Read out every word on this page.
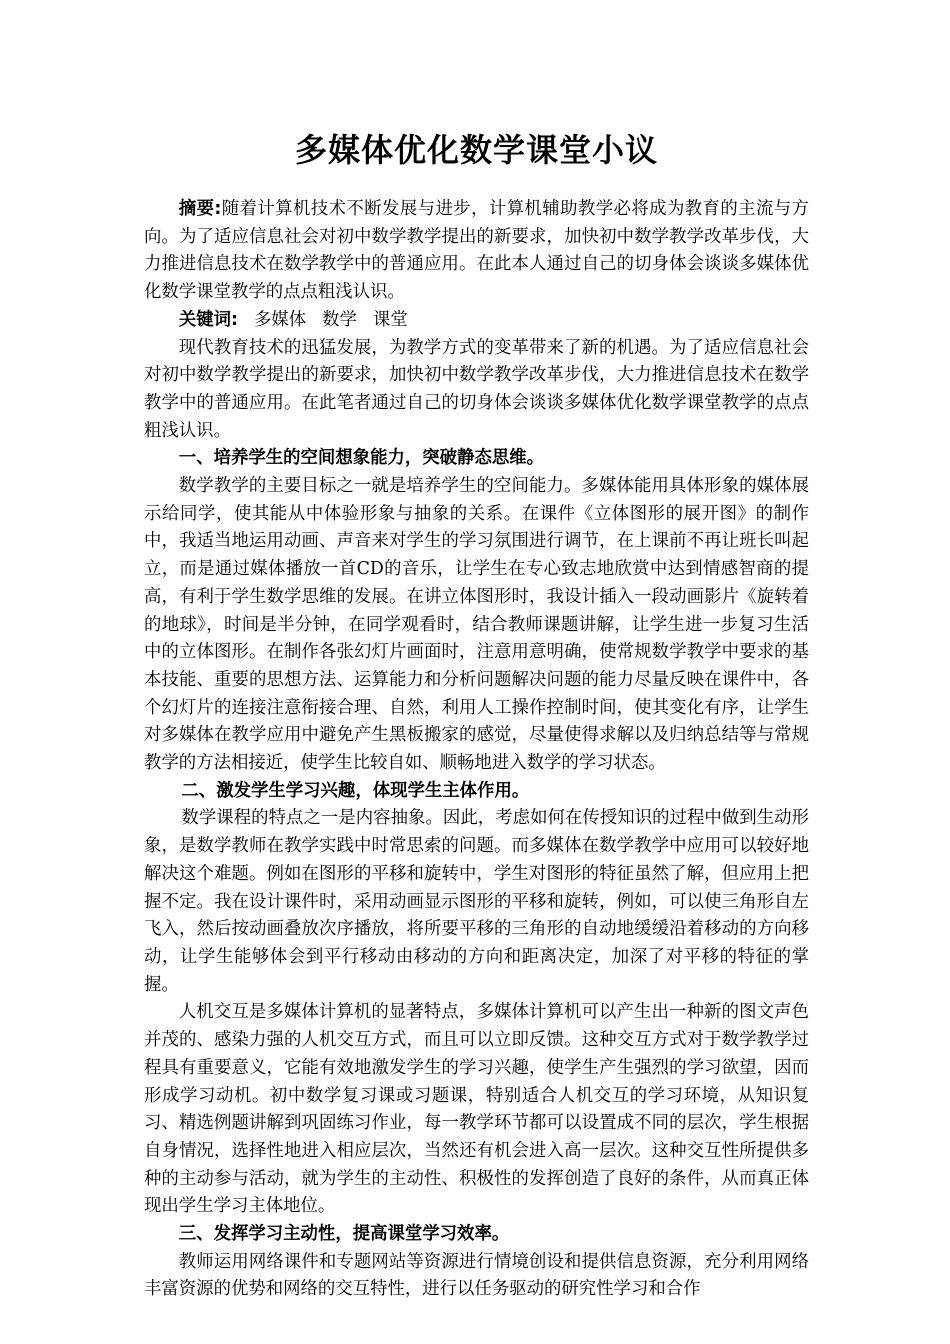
多媒体优化数学课堂小议

摘要:随着计算机技术不断发展与进步，计算机辅助教学必将成为教育的主流与方向。为了适应信息社会对初中数学教学提出的新要求，加快初中数学教学改革步伐，大力推进信息技术在数学教学中的普通应用。在此本人通过自己的切身体会谈谈多媒体优化数学课堂教学的点点粗浅认识。

关键词: 多媒体 数学 课堂

现代教育技术的迅猛发展，为教学方式的变革带来了新的机遇。为了适应信息社会对初中数学教学提出的新要求，加快初中数学教学改革步伐，大力推进信息技术在数学教学中的普通应用。在此笔者通过自己的切身体会谈谈多媒体优化数学课堂教学的点点粗浅认识。

一、培养学生的空间想象能力，突破静态思维。

数学教学的主要目标之一就是培养学生的空间能力。多媒体能用具体形象的媒体展示给同学，使其能从中体验形象与抽象的关系。在课件《立体图形的展开图》的制作中，我适当地运用动画、声音来对学生的学习氛围进行调节，在上课前不再让班长叫起立，而是通过媒体播放一首CD的音乐，让学生在专心致志地欣赏中达到情感智商的提高，有利于学生数学思维的发展。在讲立体图形时，我设计插入一段动画影片《旋转着的地球》，时间是半分钟，在同学观看时，结合教师课题讲解，让学生进一步复习生活中的立体图形。在制作各张幻灯片画面时，注意用意明确，使常规数学教学中要求的基本技能、重要的思想方法、运算能力和分析问题解决问题的能力尽量反映在课件中，各个幻灯片的连接注意衔接合理、自然，利用人工操作控制时间，使其变化有序，让学生对多媒体在教学应用中避免产生黑板搬家的感觉，尽量使得求解以及归纳总结等与常规教学的方法相接近，使学生比较自如、顺畅地进入数学的学习状态。

二、激发学生学习兴趣，体现学生主体作用。

数学课程的特点之一是内容抽象。因此，考虑如何在传授知识的过程中做到生动形象，是数学教师在教学实践中时常思索的问题。而多媒体在数学教学中应用可以较好地解决这个难题。例如在图形的平移和旋转中，学生对图形的特征虽然了解，但应用上把握不定。我在设计课件时，采用动画显示图形的平移和旋转，例如，可以使三角形自左飞入，然后按动画叠放次序播放，将所要平移的三角形的自动地缓缓沿着移动的方向移动，让学生能够体会到平行移动由移动的方向和距离决定，加深了对平移的特征的掌握。

人机交互是多媒体计算机的显著特点，多媒体计算机可以产生出一种新的图文声色并茂的、感染力强的人机交互方式，而且可以立即反馈。这种交互方式对于数学教学过程具有重要意义，它能有效地激发学生的学习兴趣，使学生产生强烈的学习欲望，因而形成学习动机。初中数学复习课或习题课，特别适合人机交互的学习环境，从知识复习、精选例题讲解到巩固练习作业，每一教学环节都可以设置成不同的层次，学生根据自身情况，选择性地进入相应层次，当然还有机会进入高一层次。这种交互性所提供多种的主动参与活动，就为学生的主动性、积极性的发挥创造了良好的条件，从而真正体现出学生学习主体地位。

三、发挥学习主动性，提高课堂学习效率。

教师运用网络课件和专题网站等资源进行情境创设和提供信息资源，充分利用网络丰富资源的优势和网络的交互特性，进行以任务驱动的研究性学习和合作
